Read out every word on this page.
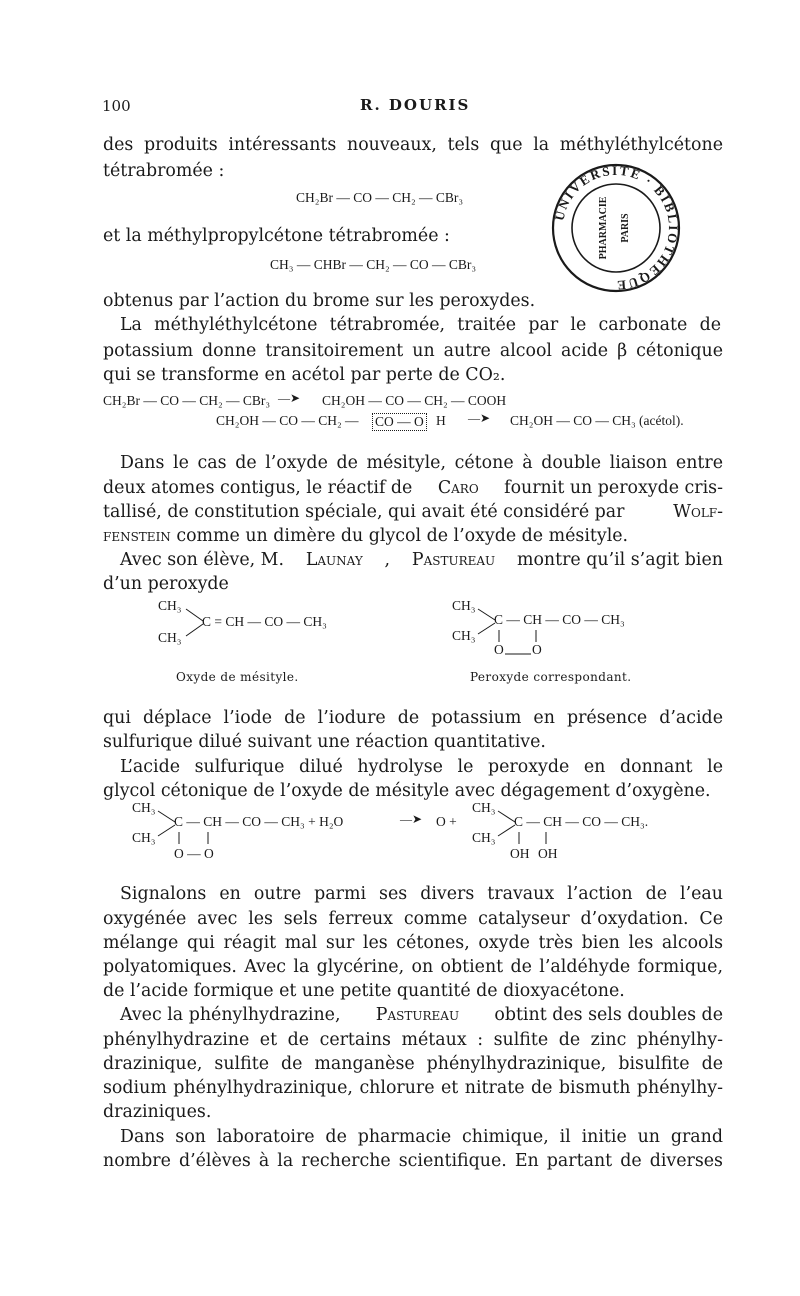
100	R. DOURIS
UNIVERSITÉ · BIBLIOTHÈQUE
PHARMACIE PARIS
des produits intéressants nouveaux, tels que la méthyléthylcétone
tétrabromée :
CH₂Br — CO — CH₂ — CBr₃
et la méthylpropylcétone tétrabromée :
CH₃ — CHBr — CH₂ — CO — CBr₃
obtenus par l’action du brome sur les peroxydes.
La méthyléthylcétone tétrabromée, traitée par le carbonate de
potassium donne transitoirement un autre alcool acide β cétonique
qui se transforme en acétol par perte de CO₂.
CH₂Br — CO — CH₂ — CBr₃ —➤ CH₂OH — CO — CH₂ — COOH
CH₂OH — CO — CH₂ — CO — O H —➤ CH₂OH — CO — CH₃ (acétol).
Dans le cas de l’oxyde de mésityle, cétone à double liaison entre
deux atomes contigus, le réactif de Caro fournit un peroxyde cris-
tallisé, de constitution spéciale, qui avait été considéré par	Wolf-
fenstein comme un dimère du glycol de l’oxyde de mésityle.
Avec son élève, M. Launay , Pastureau montre qu’il s’agit bien
d’un peroxyde
CH₃
CH₃
C = CH — CO — CH₃
Oxyde de mésityle.
CH₃
CH₃
C — CH — CO — CH₃
O O
Peroxyde correspondant.
qui déplace l’iode de l’iodure de potassium en présence d’acide
sulfurique dilué suivant une réaction quantitative.
L’acide sulfurique dilué hydrolyse le peroxyde en donnant le
glycol cétonique de l’oxyde de mésityle avec dégagement d’oxygène.
CH₃
CH₃
C — CH — CO — CH₃ + H₂O
O — O
—➤ O +
CH₃
CH₃
C — CH — CO — CH₃.
OH OH
Signalons en outre parmi ses divers travaux l’action de l’eau
oxygénée avec les sels ferreux comme catalyseur d’oxydation. Ce
mélange qui réagit mal sur les cétones, oxyde très bien les alcools
polyatomiques. Avec la glycérine, on obtient de l’aldéhyde formique,
de l’acide formique et une petite quantité de dioxyacétone.
Avec la phénylhydrazine, Pastureau obtint des sels doubles de
phénylhydrazine et de certains métaux : sulfite de zinc phénylhy-
drazinique, sulfite de manganèse phénylhydrazinique, bisulfite de
sodium phénylhydrazinique, chlorure et nitrate de bismuth phénylhy-
draziniques.
Dans son laboratoire de pharmacie chimique, il initie un grand
nombre d’élèves à la recherche scientifique. En partant de diverses
